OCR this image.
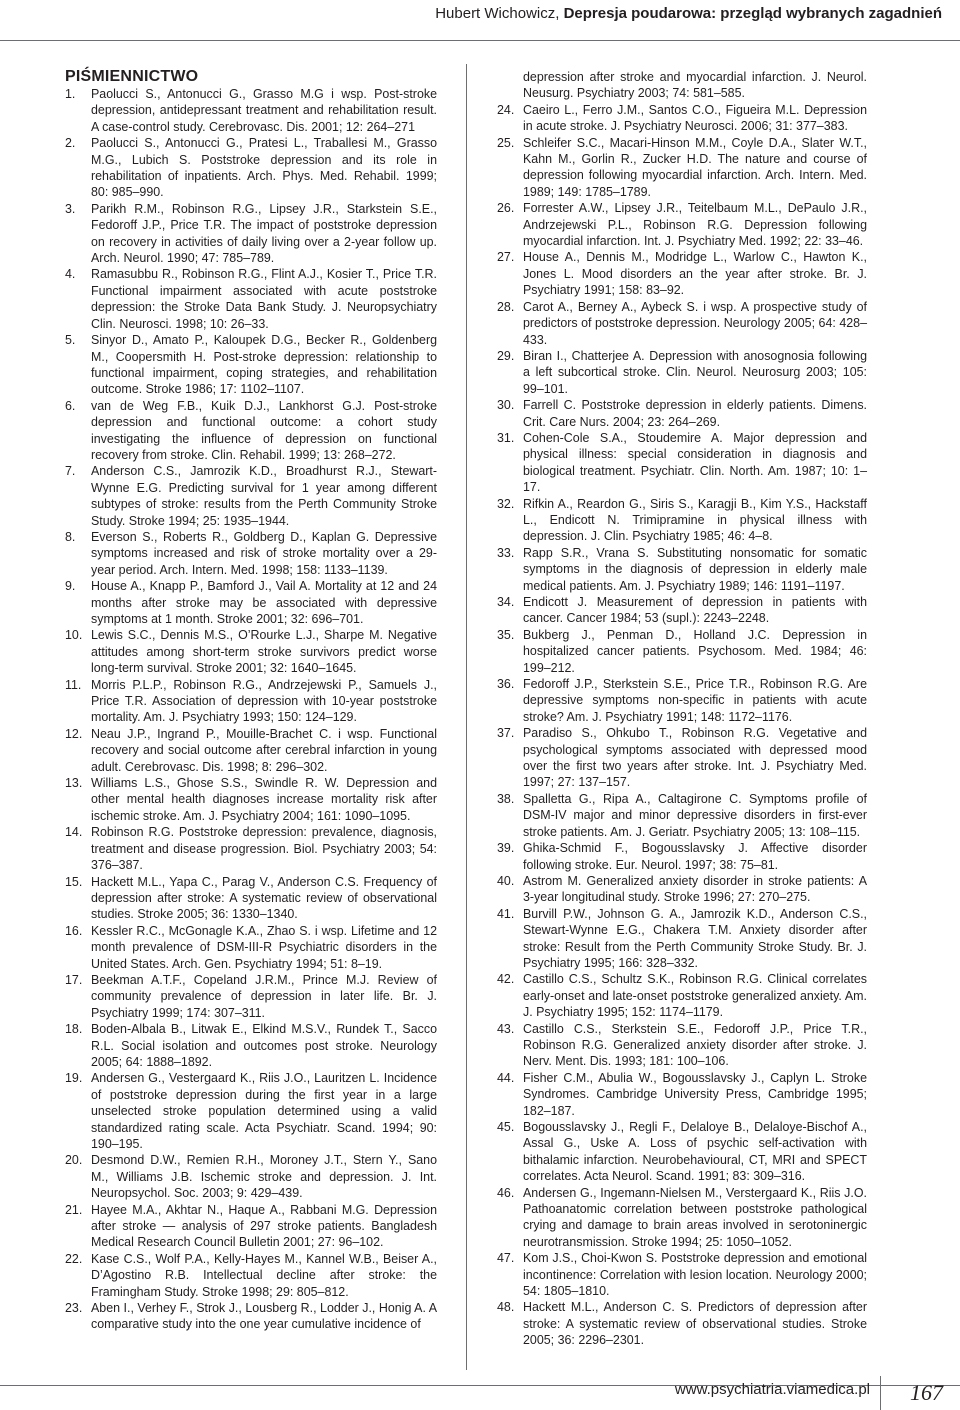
Hubert Wichowicz, Depresja poudarowa: przegląd wybranych zagadnień
PIŚMIENNICTWO
1.	Paolucci S., Antonucci G., Grasso M.G i wsp. Post-stroke depression, antidepressant treatment and rehabilitation result. A case-control study. Cerebrovasc. Dis. 2001; 12: 264–271
2.	Paolucci S., Antonucci G., Pratesi L., Traballesi M., Grasso M.G., Lubich S. Poststroke depression and its role in rehabilitation of inpatients. Arch. Phys. Med. Rehabil. 1999; 80: 985–990.
3.	Parikh R.M., Robinson R.G., Lipsey J.R., Starkstein S.E., Fedoroff J.P., Price T.R. The impact of poststroke depression on recovery in activities of daily living over a 2-year follow up. Arch. Neurol. 1990; 47: 785–789.
4.	Ramasubbu R., Robinson R.G., Flint A.J., Kosier T., Price T.R. Functional impairment associated with acute poststroke depression: the Stroke Data Bank Study. J. Neuropsychiatry Clin. Neurosci. 1998; 10: 26–33.
5.	Sinyor D., Amato P., Kaloupek D.G., Becker R., Goldenberg M., Coopersmith H. Post-stroke depression: relationship to functional impairment, coping strategies, and rehabilitation outcome. Stroke 1986; 17: 1102–1107.
6.	van de Weg F.B., Kuik D.J., Lankhorst G.J. Post-stroke depression and functional outcome: a cohort study investigating the influence of depression on functional recovery from stroke. Clin. Rehabil. 1999; 13: 268–272.
7.	Anderson C.S., Jamrozik K.D., Broadhurst R.J., Stewart-Wynne E.G. Predicting survival for 1 year among different subtypes of stroke: results from the Perth Community Stroke Study. Stroke 1994; 25: 1935–1944.
8.	Everson S., Roberts R., Goldberg D., Kaplan G. Depressive symptoms increased and risk of stroke mortality over a 29-year period. Arch. Intern. Med. 1998; 158: 1133–1139.
9.	House A., Knapp P., Bamford J., Vail A. Mortality at 12 and 24 months after stroke may be associated with depressive symptoms at 1 month. Stroke 2001; 32: 696–701.
10. Lewis S.C., Dennis M.S., O’Rourke L.J., Sharpe M. Negative attitudes among short-term stroke survivors predict worse long-term survival. Stroke 2001; 32: 1640–1645.
11. Morris P.L.P., Robinson R.G., Andrzejewski P., Samuels J., Price T.R. Association of depression with 10-year poststroke mortality. Am. J. Psychiatry 1993; 150: 124–129.
12. Neau J.P., Ingrand P., Mouille-Brachet C. i wsp. Functional recovery and social outcome after cerebral infarction in young adult. Cerebrovasc. Dis. 1998; 8: 296–302.
13. Williams L.S., Ghose S.S., Swindle R. W. Depression and other mental health diagnoses increase mortality risk after ischemic stroke. Am. J. Psychiatry 2004; 161: 1090–1095.
14. Robinson R.G. Poststroke depression: prevalence, diagnosis, treatment and disease progression. Biol. Psychiatry 2003; 54: 376–387.
15. Hackett M.L., Yapa C., Parag V., Anderson C.S. Frequency of depression after stroke: A systematic review of observational studies. Stroke 2005; 36: 1330–1340.
16. Kessler R.C., McGonagle K.A., Zhao S. i wsp. Lifetime and 12 month prevalence of DSM-III-R Psychiatric disorders in the United States. Arch. Gen. Psychiatry 1994; 51: 8–19.
17. Beekman A.T.F., Copeland J.R.M., Prince M.J. Review of community prevalence of depression in later life. Br. J. Psychiatry 1999; 174: 307–311.
18. Boden-Albala B., Litwak E., Elkind M.S.V., Rundek T., Sacco R.L. Social isolation and outcomes post stroke. Neurology 2005; 64: 1888–1892.
19. Andersen G., Vestergaard K., Riis J.O., Lauritzen L. Incidence of poststroke depression during the first year in a large unselected stroke population determined using a valid standardized rating scale. Acta Psychiatr. Scand. 1994; 90: 190–195.
20. Desmond D.W., Remien R.H., Moroney J.T., Stern Y., Sano M., Williams J.B. Ischemic stroke and depression. J. Int. Neuropsychol. Soc. 2003; 9: 429–439.
21. Hayee M.A., Akhtar N., Haque A., Rabbani M.G. Depression after stroke — analysis of 297 stroke patients. Bangladesh Medical Research Council Bulletin 2001; 27: 96–102.
22. Kase C.S., Wolf P.A., Kelly-Hayes M., Kannel W.B., Beiser A., D’Agostino R.B. Intellectual decline after stroke: the Framingham Study. Stroke 1998; 29: 805–812.
23. Aben I., Verhey F., Strok J., Lousberg R., Lodder J., Honig A. A comparative study into the one year cumulative incidence of
depression after stroke and myocardial infarction. J. Neurol. Neusurg. Psychiatry 2003; 74: 581–585.
24. Caeiro L., Ferro J.M., Santos C.O., Figueira M.L. Depression in acute stroke. J. Psychiatry Neurosci. 2006; 31: 377–383.
25. Schleifer S.C., Macari-Hinson M.M., Coyle D.A., Slater W.T., Kahn M., Gorlin R., Zucker H.D. The nature and course of depression following myocardial infarction. Arch. Intern. Med. 1989; 149: 1785–1789.
26. Forrester A.W., Lipsey J.R., Teitelbaum M.L., DePaulo J.R., Andrzejewski P.L., Robinson R.G. Depression following myocardial infarction. Int. J. Psychiatry Med. 1992; 22: 33–46.
27. House A., Dennis M., Modridge L., Warlow C., Hawton K., Jones L. Mood disorders an the year after stroke. Br. J. Psychiatry 1991; 158: 83–92.
28. Carot A., Berney A., Aybeck S. i wsp. A prospective study of predictors of poststroke depression. Neurology 2005; 64: 428–433.
29. Biran I., Chatterjee A. Depression with anosognosia following a left subcortical stroke. Clin. Neurol. Neurosurg 2003; 105: 99–101.
30. Farrell C. Poststroke depression in elderly patients. Dimens. Crit. Care Nurs. 2004; 23: 264–269.
31. Cohen-Cole S.A., Stoudemire A. Major depression and physical illness: special consideration in diagnosis and biological treatment. Psychiatr. Clin. North. Am. 1987; 10: 1–17.
32. Rifkin A., Reardon G., Siris S., Karagji B., Kim Y.S., Hackstaff L., Endicott N. Trimipramine in physical illness with depression. J. Clin. Psychiatry 1985; 46: 4–8.
33. Rapp S.R., Vrana S. Substituting nonsomatic for somatic symptoms in the diagnosis of depression in elderly male medical patients. Am. J. Psychiatry 1989; 146: 1191–1197.
34. Endicott J. Measurement of depression in patients with cancer. Cancer 1984; 53 (supl.): 2243–2248.
35. Bukberg J., Penman D., Holland J.C. Depression in hospitalized cancer patients. Psychosom. Med. 1984; 46: 199–212.
36. Fedoroff J.P., Sterkstein S.E., Price T.R., Robinson R.G. Are depressive symptoms non-specific in patients with acute stroke? Am. J. Psychiatry 1991; 148: 1172–1176.
37. Paradiso S., Ohkubo T., Robinson R.G. Vegetative and psychological symptoms associated with depressed mood over the first two years after stroke. Int. J. Psychiatry Med. 1997; 27: 137–157.
38. Spalletta G., Ripa A., Caltagirone C. Symptoms profile of DSM-IV major and minor depressive disorders in first-ever stroke patients. Am. J. Geriatr. Psychiatry 2005; 13: 108–115.
39. Ghika-Schmid F., Bogousslavsky J. Affective disorder following stroke. Eur. Neurol. 1997; 38: 75–81.
40. Astrom M. Generalized anxiety disorder in stroke patients: A 3-year longitudinal study. Stroke 1996; 27: 270–275.
41. Burvill P.W., Johnson G. A., Jamrozik K.D., Anderson C.S., Stewart-Wynne E.G., Chakera T.M. Anxiety disorder after stroke: Result from the Perth Community Stroke Study. Br. J. Psychiatry 1995; 166: 328–332.
42. Castillo C.S., Schultz S.K., Robinson R.G. Clinical correlates early-onset and late-onset poststroke generalized anxiety. Am. J. Psychiatry 1995; 152: 1174–1179.
43. Castillo C.S., Sterkstein S.E., Fedoroff J.P., Price T.R., Robinson R.G. Generalized anxiety disorder after stroke. J. Nerv. Ment. Dis. 1993; 181: 100–106.
44. Fisher C.M., Abulia W., Bogousslavsky J., Caplyn L. Stroke Syndromes. Cambridge University Press, Cambridge 1995; 182–187.
45. Bogousslavsky J., Regli F., Delaloye B., Delaloye-Bischof A., Assal G., Uske A. Loss of psychic self-activation with bithalamic infarction. Neurobehavioural, CT, MRI and SPECT correlates. Acta Neurol. Scand. 1991; 83: 309–316.
46. Andersen G., Ingemann-Nielsen M., Verstergaard K., Riis J.O. Pathoanatomic correlation between poststroke pathological crying and damage to brain areas involved in serotoninergic neurotransmission. Stroke 1994; 25: 1050–1052.
47. Kom J.S., Choi-Kwon S. Poststroke depression and emotional incontinence: Correlation with lesion location. Neurology 2000; 54: 1805–1810.
48. Hackett M.L., Anderson C. S. Predictors of depression after stroke: A systematic review of observational studies. Stroke 2005; 36: 2296–2301.
www.psychiatria.viamedica.pl 167
